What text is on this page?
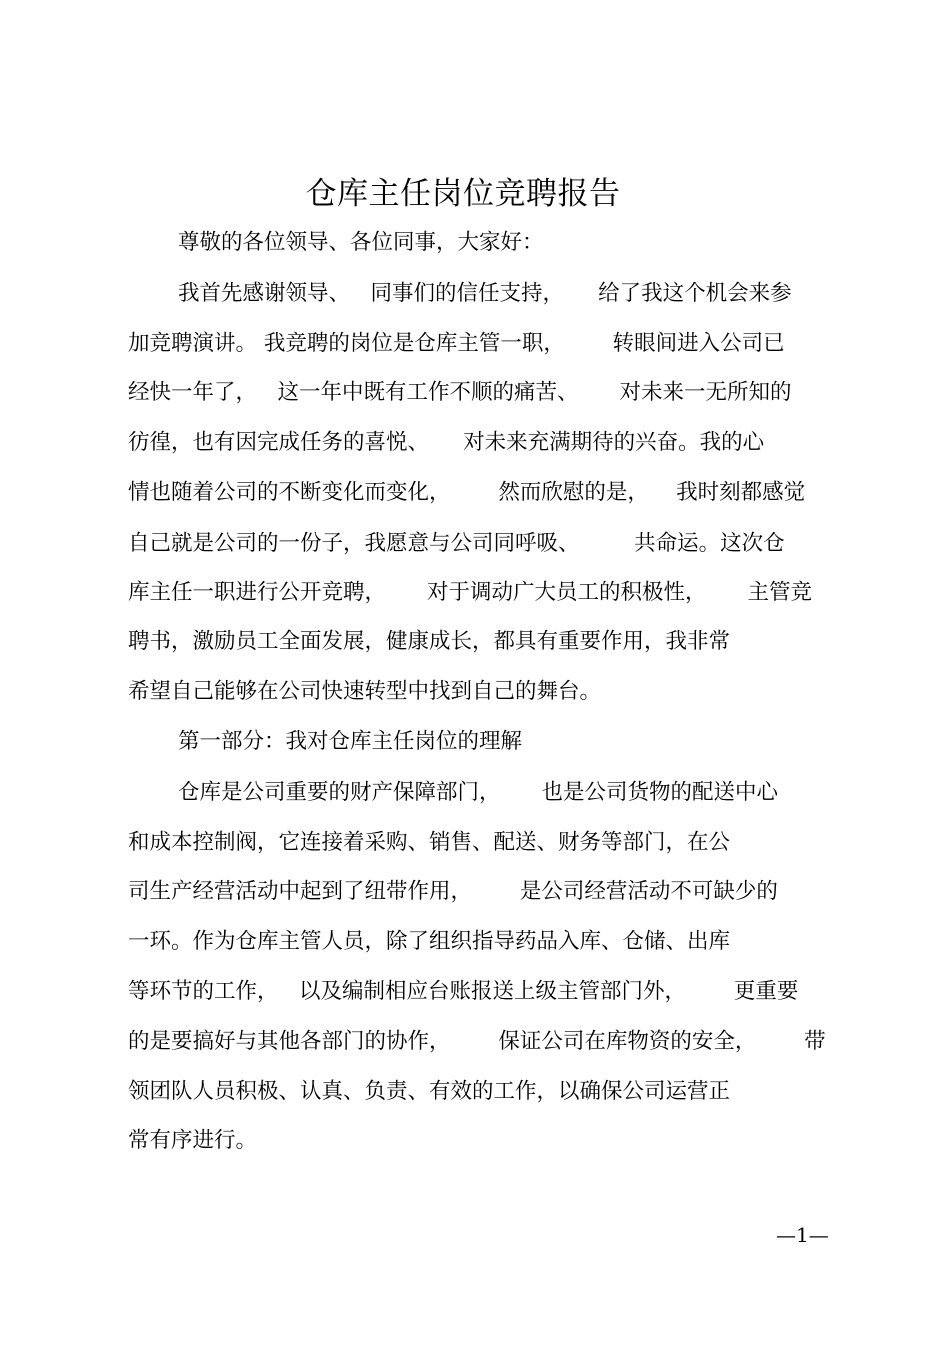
仓库主任岗位竞聘报告
尊敬的各位领导、各位同事，大家好：
我首先感谢领导、   同事们的信任支持，     给了我这个机会来参
加竞聘演讲。 我竞聘的岗位是仓库主管一职，       转眼间进入公司已
经快一年了，   这一年中既有工作不顺的痛苦、      对未来一无所知的
彷徨，也有因完成任务的喜悦、     对未来充满期待的兴奋。我的心
情也随着公司的不断变化而变化，       然而欣慰的是，    我时刻都感觉
自己就是公司的一份子，我愿意与公司同呼吸、        共命运。这次仓
库主任一职进行公开竞聘，      对于调动广大员工的积极性，      主管竞
聘书，激励员工全面发展，健康成长，都具有重要作用，我非常
希望自己能够在公司快速转型中找到自己的舞台。
第一部分：我对仓库主任岗位的理解
仓库是公司重要的财产保障部门，      也是公司货物的配送中心
和成本控制阀，它连接着采购、销售、配送、财务等部门，在公
司生产经营活动中起到了纽带作用，       是公司经营活动不可缺少的
一环。作为仓库主管人员，除了组织指导药品入库、仓储、出库
等环节的工作，   以及编制相应台账报送上级主管部门外，       更重要
的是要搞好与其他各部门的协作，       保证公司在库物资的安全，       带
领团队人员积极、认真、负责、有效的工作，以确保公司运营正
常有序进行。
—1—
